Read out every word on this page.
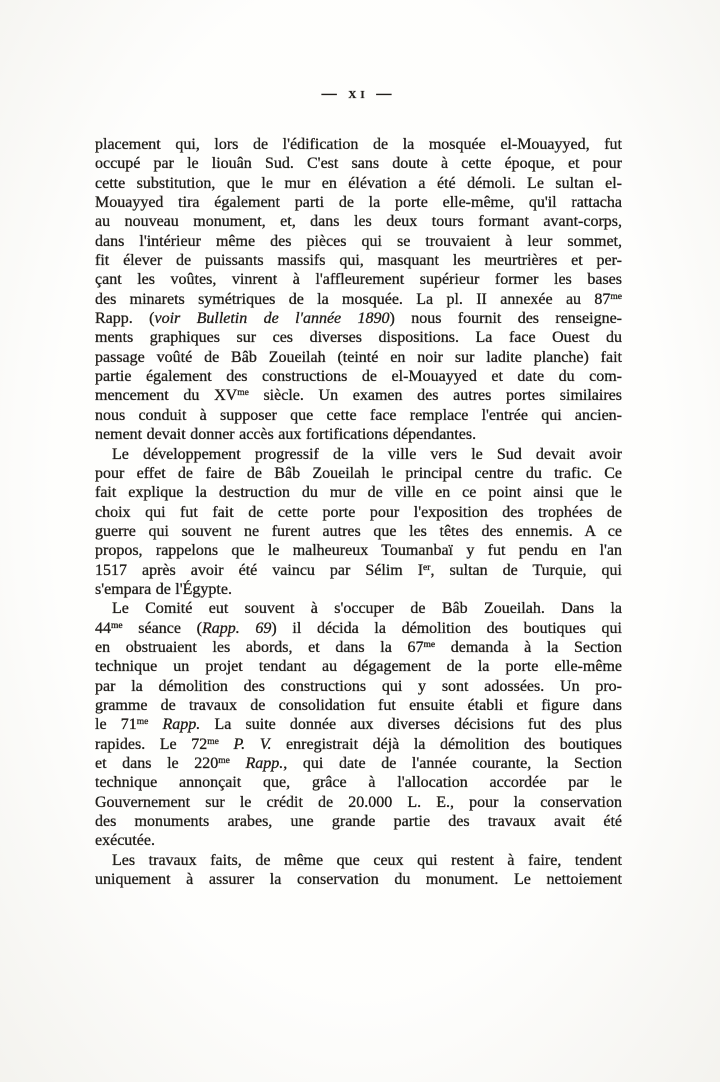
— xi —
placement qui, lors de l'édification de la mosquée el-Mouayyed, fut
occupé par le liouân Sud. C'est sans doute à cette époque, et pour
cette substitution, que le mur en élévation a été démoli. Le sultan el-
Mouayyed tira également parti de la porte elle-même, qu'il rattacha
au nouveau monument, et, dans les deux tours formant avant-corps,
dans l'intérieur même des pièces qui se trouvaient à leur sommet,
fit élever de puissants massifs qui, masquant les meurtrières et per-
çant les voûtes, vinrent à l'affleurement supérieur former les bases
des minarets symétriques de la mosquée. La pl. II annexée au $87^{me}$
Rapp. (voir Bulletin de l'année 1890) nous fournit des renseigne-
ments graphiques sur ces diverses dispositions. La face Ouest du
passage voûté de Bâb Zoueilah (teinté en noir sur ladite planche) fait
partie également des constructions de el-Mouayyed et date du com-
mencement du $XV^{me}$ siècle. Un examen des autres portes similaires
nous conduit à supposer que cette face remplace l'entrée qui ancien-
nement devait donner accès aux fortifications dépendantes.
Le développement progressif de la ville vers le Sud devait avoir
pour effet de faire de Bâb Zoueilah le principal centre du trafic. Ce
fait explique la destruction du mur de ville en ce point ainsi que le
choix qui fut fait de cette porte pour l'exposition des trophées de
guerre qui souvent ne furent autres que les têtes des ennemis. A ce
propos, rappelons que le malheureux Toumanbaï y fut pendu en l'an
1517 après avoir été vaincu par Sélim Ier, sultan de Turquie, qui
s'empara de l'Égypte.
Le Comité eut souvent à s'occuper de Bâb Zoueilah. Dans la
$44^{me}$ séance (Rapp. 69) il décida la démolition des boutiques qui
en obstruaient les abords, et dans la $67^{me}$ demanda à la Section
technique un projet tendant au dégagement de la porte elle-même
par la démolition des constructions qui y sont adossées. Un pro-
gramme de travaux de consolidation fut ensuite établi et figure dans
le $71^{me}$ Rapp. La suite donnée aux diverses décisions fut des plus
rapides. Le $72^{me}$ P. V. enregistrait déjà la démolition des boutiques
et dans le $220^{me}$ Rapp., qui date de l'année courante, la Section
technique annonçait que, grâce à l'allocation accordée par le
Gouvernement sur le crédit de 20.000 L. E., pour la conservation
des monuments arabes, une grande partie des travaux avait été
exécutée.
Les travaux faits, de même que ceux qui restent à faire, tendent
uniquement à assurer la conservation du monument. Le nettoiement
